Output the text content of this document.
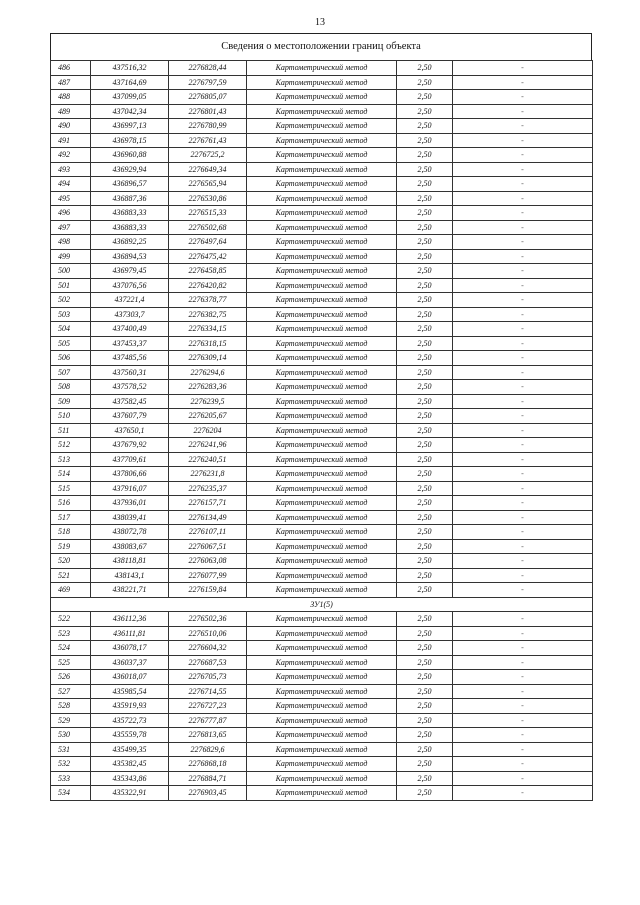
13
Сведения о местоположении границ объекта
486	437516,32	2276828,44	Картометрический метод	2,50	-
487	437164,69	2276797,59	Картометрический метод	2,50	-
488	437099,05	2276805,07	Картометрический метод	2,50	-
489	437042,34	2276801,43	Картометрический метод	2,50	-
490	436997,13	2276780,99	Картометрический метод	2,50	-
491	436978,15	2276761,43	Картометрический метод	2,50	-
492	436960,88	2276725,2	Картометрический метод	2,50	-
493	436929,94	2276649,34	Картометрический метод	2,50	-
494	436896,57	2276565,94	Картометрический метод	2,50	-
495	436887,36	2276530,86	Картометрический метод	2,50	-
496	436883,33	2276515,33	Картометрический метод	2,50	-
497	436883,33	2276502,68	Картометрический метод	2,50	-
498	436892,25	2276497,64	Картометрический метод	2,50	-
499	436894,53	2276475,42	Картометрический метод	2,50	-
500	436979,45	2276458,85	Картометрический метод	2,50	-
501	437076,56	2276420,82	Картометрический метод	2,50	-
502	437221,4	2276378,77	Картометрический метод	2,50	-
503	437303,7	2276382,75	Картометрический метод	2,50	-
504	437400,49	2276334,15	Картометрический метод	2,50	-
505	437453,37	2276318,15	Картометрический метод	2,50	-
506	437485,56	2276309,14	Картометрический метод	2,50	-
507	437560,31	2276294,6	Картометрический метод	2,50	-
508	437578,52	2276283,36	Картометрический метод	2,50	-
509	437582,45	2276239,5	Картометрический метод	2,50	-
510	437607,79	2276205,67	Картометрический метод	2,50	-
511	437650,1	2276204	Картометрический метод	2,50	-
512	437679,92	2276241,96	Картометрический метод	2,50	-
513	437709,61	2276240,51	Картометрический метод	2,50	-
514	437806,66	2276231,8	Картометрический метод	2,50	-
515	437916,07	2276235,37	Картометрический метод	2,50	-
516	437936,01	2276157,71	Картометрический метод	2,50	-
517	438039,41	2276134,49	Картометрический метод	2,50	-
518	438072,78	2276107,11	Картометрический метод	2,50	-
519	438083,67	2276067,51	Картометрический метод	2,50	-
520	438118,81	2276063,08	Картометрический метод	2,50	-
521	438143,1	2276077,99	Картометрический метод	2,50	-
469	438221,71	2276159,84	Картометрический метод	2,50	-
ЗУ1(5)					
522	436112,36	2276502,36	Картометрический метод	2,50	-
523	436111,81	2276510,06	Картометрический метод	2,50	-
524	436078,17	2276604,32	Картометрический метод	2,50	-
525	436037,37	2276687,53	Картометрический метод	2,50	-
526	436018,07	2276705,73	Картометрический метод	2,50	-
527	435985,54	2276714,55	Картометрический метод	2,50	-
528	435919,93	2276727,23	Картометрический метод	2,50	-
529	435722,73	2276777,87	Картометрический метод	2,50	-
530	435559,78	2276813,65	Картометрический метод	2,50	-
531	435499,35	2276829,6	Картометрический метод	2,50	-
532	435382,45	2276868,18	Картометрический метод	2,50	-
533	435343,86	2276884,71	Картометрический метод	2,50	-
534	435322,91	2276903,45	Картометрический метод	2,50	-
